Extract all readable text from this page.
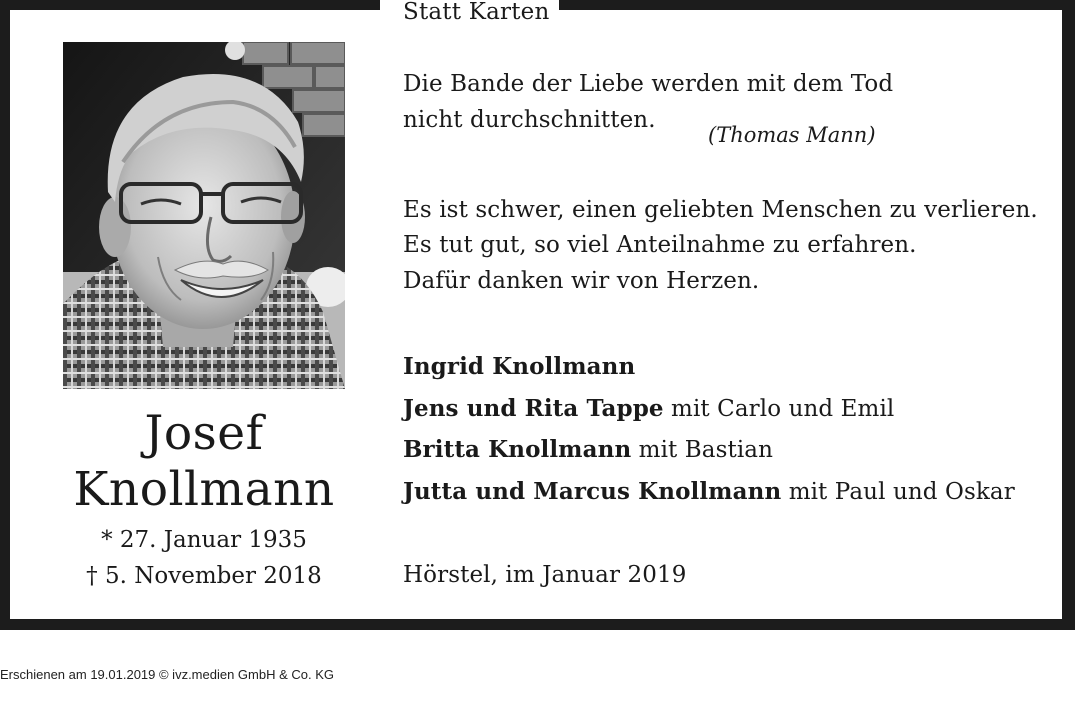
Statt Karten
Josef
Knollmann
* 27. Januar 1935
† 5. November 2018
Die Bande der Liebe werden mit dem Tod
nicht durchschnitten.
(Thomas Mann)
Es ist schwer, einen geliebten Menschen zu verlieren.
Es tut gut, so viel Anteilnahme zu erfahren.
Dafür danken wir von Herzen.
Ingrid Knollmann
Jens und Rita Tappe mit Carlo und Emil
Britta Knollmann mit Bastian
Jutta und Marcus Knollmann mit Paul und Oskar
Hörstel, im Januar 2019
Erschienen am 19.01.2019 © ivz.medien GmbH & Co. KG
